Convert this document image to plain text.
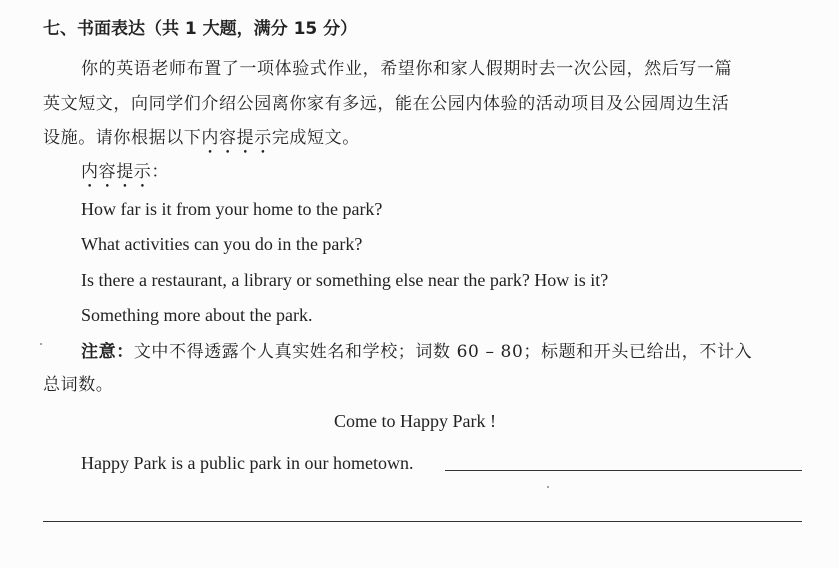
七、书面表达（共 1 大题，满分 15 分）
你的英语老师布置了一项体验式作业，希望你和家人假期时去一次公园，然后写一篇
英文短文，向同学们介绍公园离你家有多远，能在公园内体验的活动项目及公园周边生活
设施。请你根据以下内容提示完成短文。
内容提示：
How far is it from your home to the park?
What activities can you do in the park?
Is there a restaurant, a library or something else near the park? How is it?
Something more about the park.
注意：文中不得透露个人真实姓名和学校；词数 60 – 80；标题和开头已给出，不计入
总词数。
Come to Happy Park !
Happy Park is a public park in our hometown.
